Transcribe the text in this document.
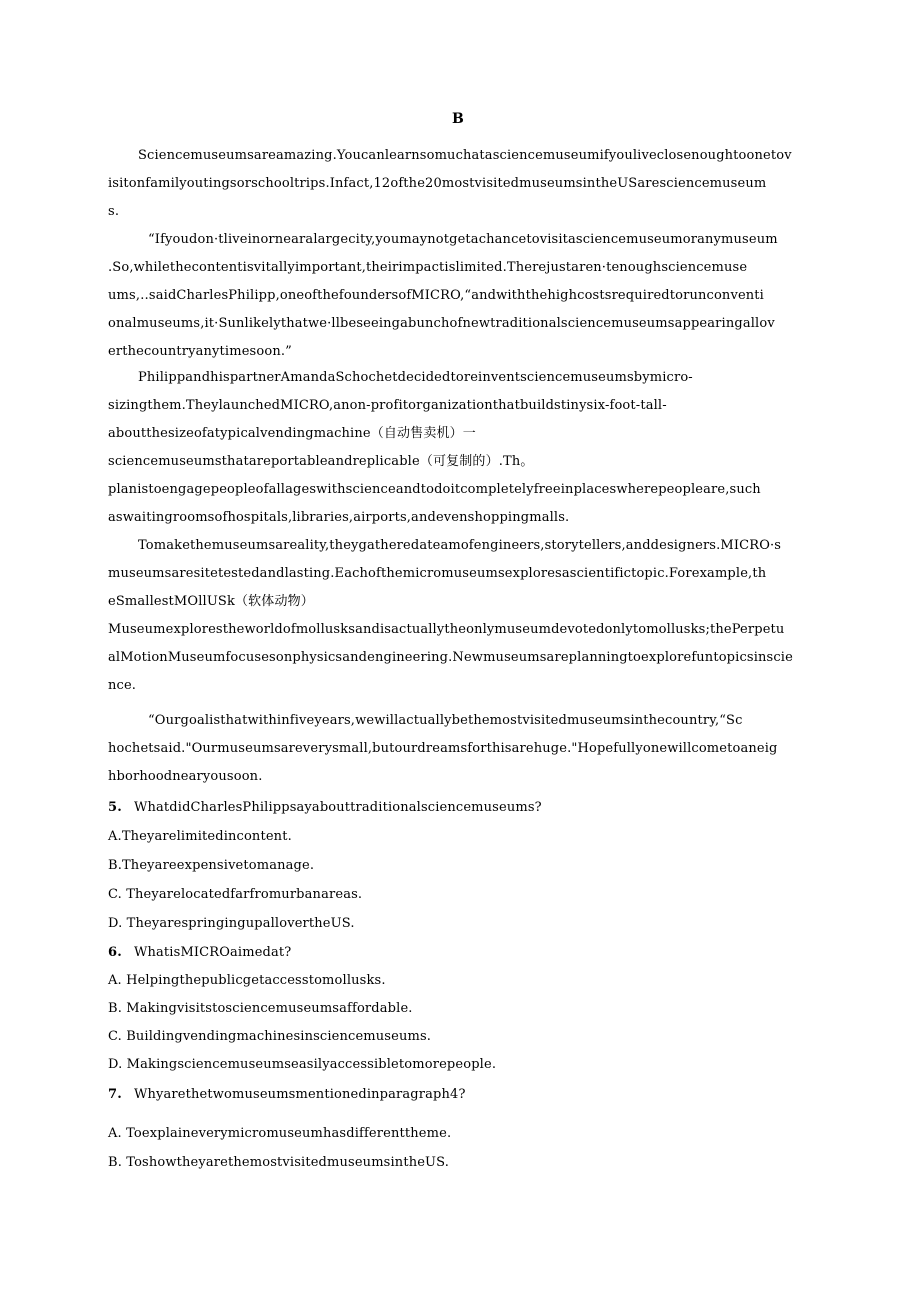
B
Sciencemuseumsareamazing.Youcanlearnsomuchatasciencemuseumifyouliveclosenoughtoonetov
isitonfamilyoutingsorschooltrips.Infact,12ofthe20mostvisitedmuseumsintheUSaresciencemuseum
s.
“Ifyoudon·tliveinornearalargecity,youmaynotgetachancetovisitasciencemuseumoranymuseum
.So,whilethecontentisvitallyimportant,theirimpactislimited.Therejustaren·tenoughsciencemuse
ums,‥saidCharlesPhilipp,oneofthefoundersofMICRO,“andwiththehighcostsrequiredtorunconventi
onalmuseums,it·Sunlikelythatwe·llbeseeingabunchofnewtraditionalsciencemuseumsappearingallov
erthecountryanytimesoon.”
PhilippandhispartnerAmandaSchochetdecidedtoreinventsciencemuseumsbymicro-
sizingthem.TheylaunchedMICRO,anon-profitorganizationthatbuildstinysix-foot-tall-
aboutthesizeofatypicalvendingmachine（自动售卖机）一
sciencemuseumsthatareportableandreplicable（可复制的）.Th。
planistoengagepeopleofallageswithscienceandtodoitcompletelyfreeinplaceswherepeopleare,such
aswaitingroomsofhospitals,libraries,airports,andevenshoppingmalls.
Tomakethemuseumsareality,theygatheredateamofengineers,storytellers,anddesigners.MICRO·s
museumsaresitetestedandlasting.Eachofthemicromuseumsexploresascientifictopic.Forexample,th
eSmallestMOllUSk（软体动物）
Museumexplorestheworldofmollusksandisactuallytheonlymuseumdevotedonlytomollusks;thePerpetu
alMotionMuseumfocusesonphysicsandengineering.Newmuseumsareplanningtoexplorefuntopicsinscie
nce.
“Ourgoalisthatwithinfiveyears,wewillactuallybethemostvisitedmuseumsinthecountry,“Sc
hochetsaid."Ourmuseumsareverysmall,butourdreamsforthisarehuge."Hopefullyonewillcometoaneig
hborhoodnearyousoon.
5. WhatdidCharlesPhilippsayabouttraditionalsciencemuseums?
A.Theyarelimitedincontent.
B.Theyareexpensivetomanage.
C. Theyarelocatedfarfromurbanareas.
D. TheyarespringingupallovertheUS.
6. WhatisMICROaimedat?
A. Helpingthepublicgetaccesstomollusks.
B. Makingvisitstosciencemuseumsaffordable.
C. Buildingvendingmachinesinsciencemuseums.
D. Makingsciencemuseumseasilyaccessibletomorepeople.
7. Whyarethetwomuseumsmentionedinparagraph4?
A. Toexplaineverymicromuseumhasdifferenttheme.
B. ToshowtheyarethemostvisitedmuseumsintheUS.
